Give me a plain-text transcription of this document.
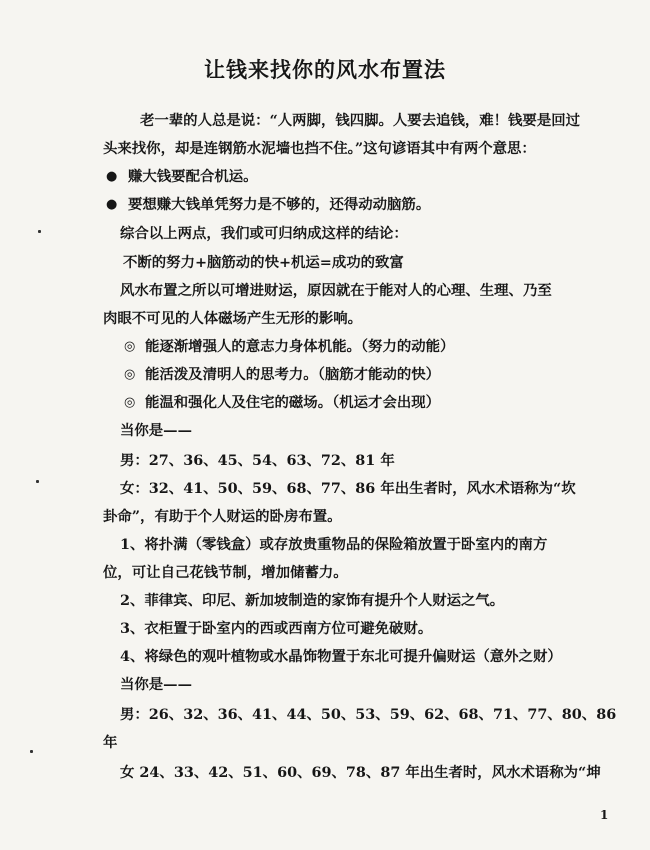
让钱来找你的风水布置法
老一辈的人总是说：“人两脚，钱四脚。人要去追钱，难！钱要是回过
头来找你，却是连钢筋水泥墙也挡不住。”这句谚语其中有两个意思：
● 赚大钱要配合机运。
● 要想赚大钱单凭努力是不够的，还得动动脑筋。
综合以上两点，我们或可归纳成这样的结论：
不断的努力+脑筋动的快+机运=成功的致富
风水布置之所以可增进财运，原因就在于能对人的心理、生理、乃至
肉眼不可见的人体磁场产生无形的影响。
◎ 能逐渐增强人的意志力身体机能。（努力的动能）
◎ 能活泼及清明人的思考力。（脑筋才能动的快）
◎ 能温和强化人及住宅的磁场。（机运才会出现）
当你是——
男：27、36、45、54、63、72、81 年
女：32、41、50、59、68、77、86 年出生者时，风水术语称为“坎
卦命”，有助于个人财运的卧房布置。
1、将扑满（零钱盒）或存放贵重物品的保险箱放置于卧室内的南方
位，可让自己花钱节制，增加储蓄力。
2、菲律宾、印尼、新加坡制造的家饰有提升个人财运之气。
3、衣柜置于卧室内的西或西南方位可避免破财。
4、将绿色的观叶植物或水晶饰物置于东北可提升偏财运（意外之财）
当你是——
男：26、32、36、41、44、50、53、59、62、68、71、77、80、86
年
女 24、33、42、51、60、69、78、87 年出生者时，风水术语称为“坤
1
